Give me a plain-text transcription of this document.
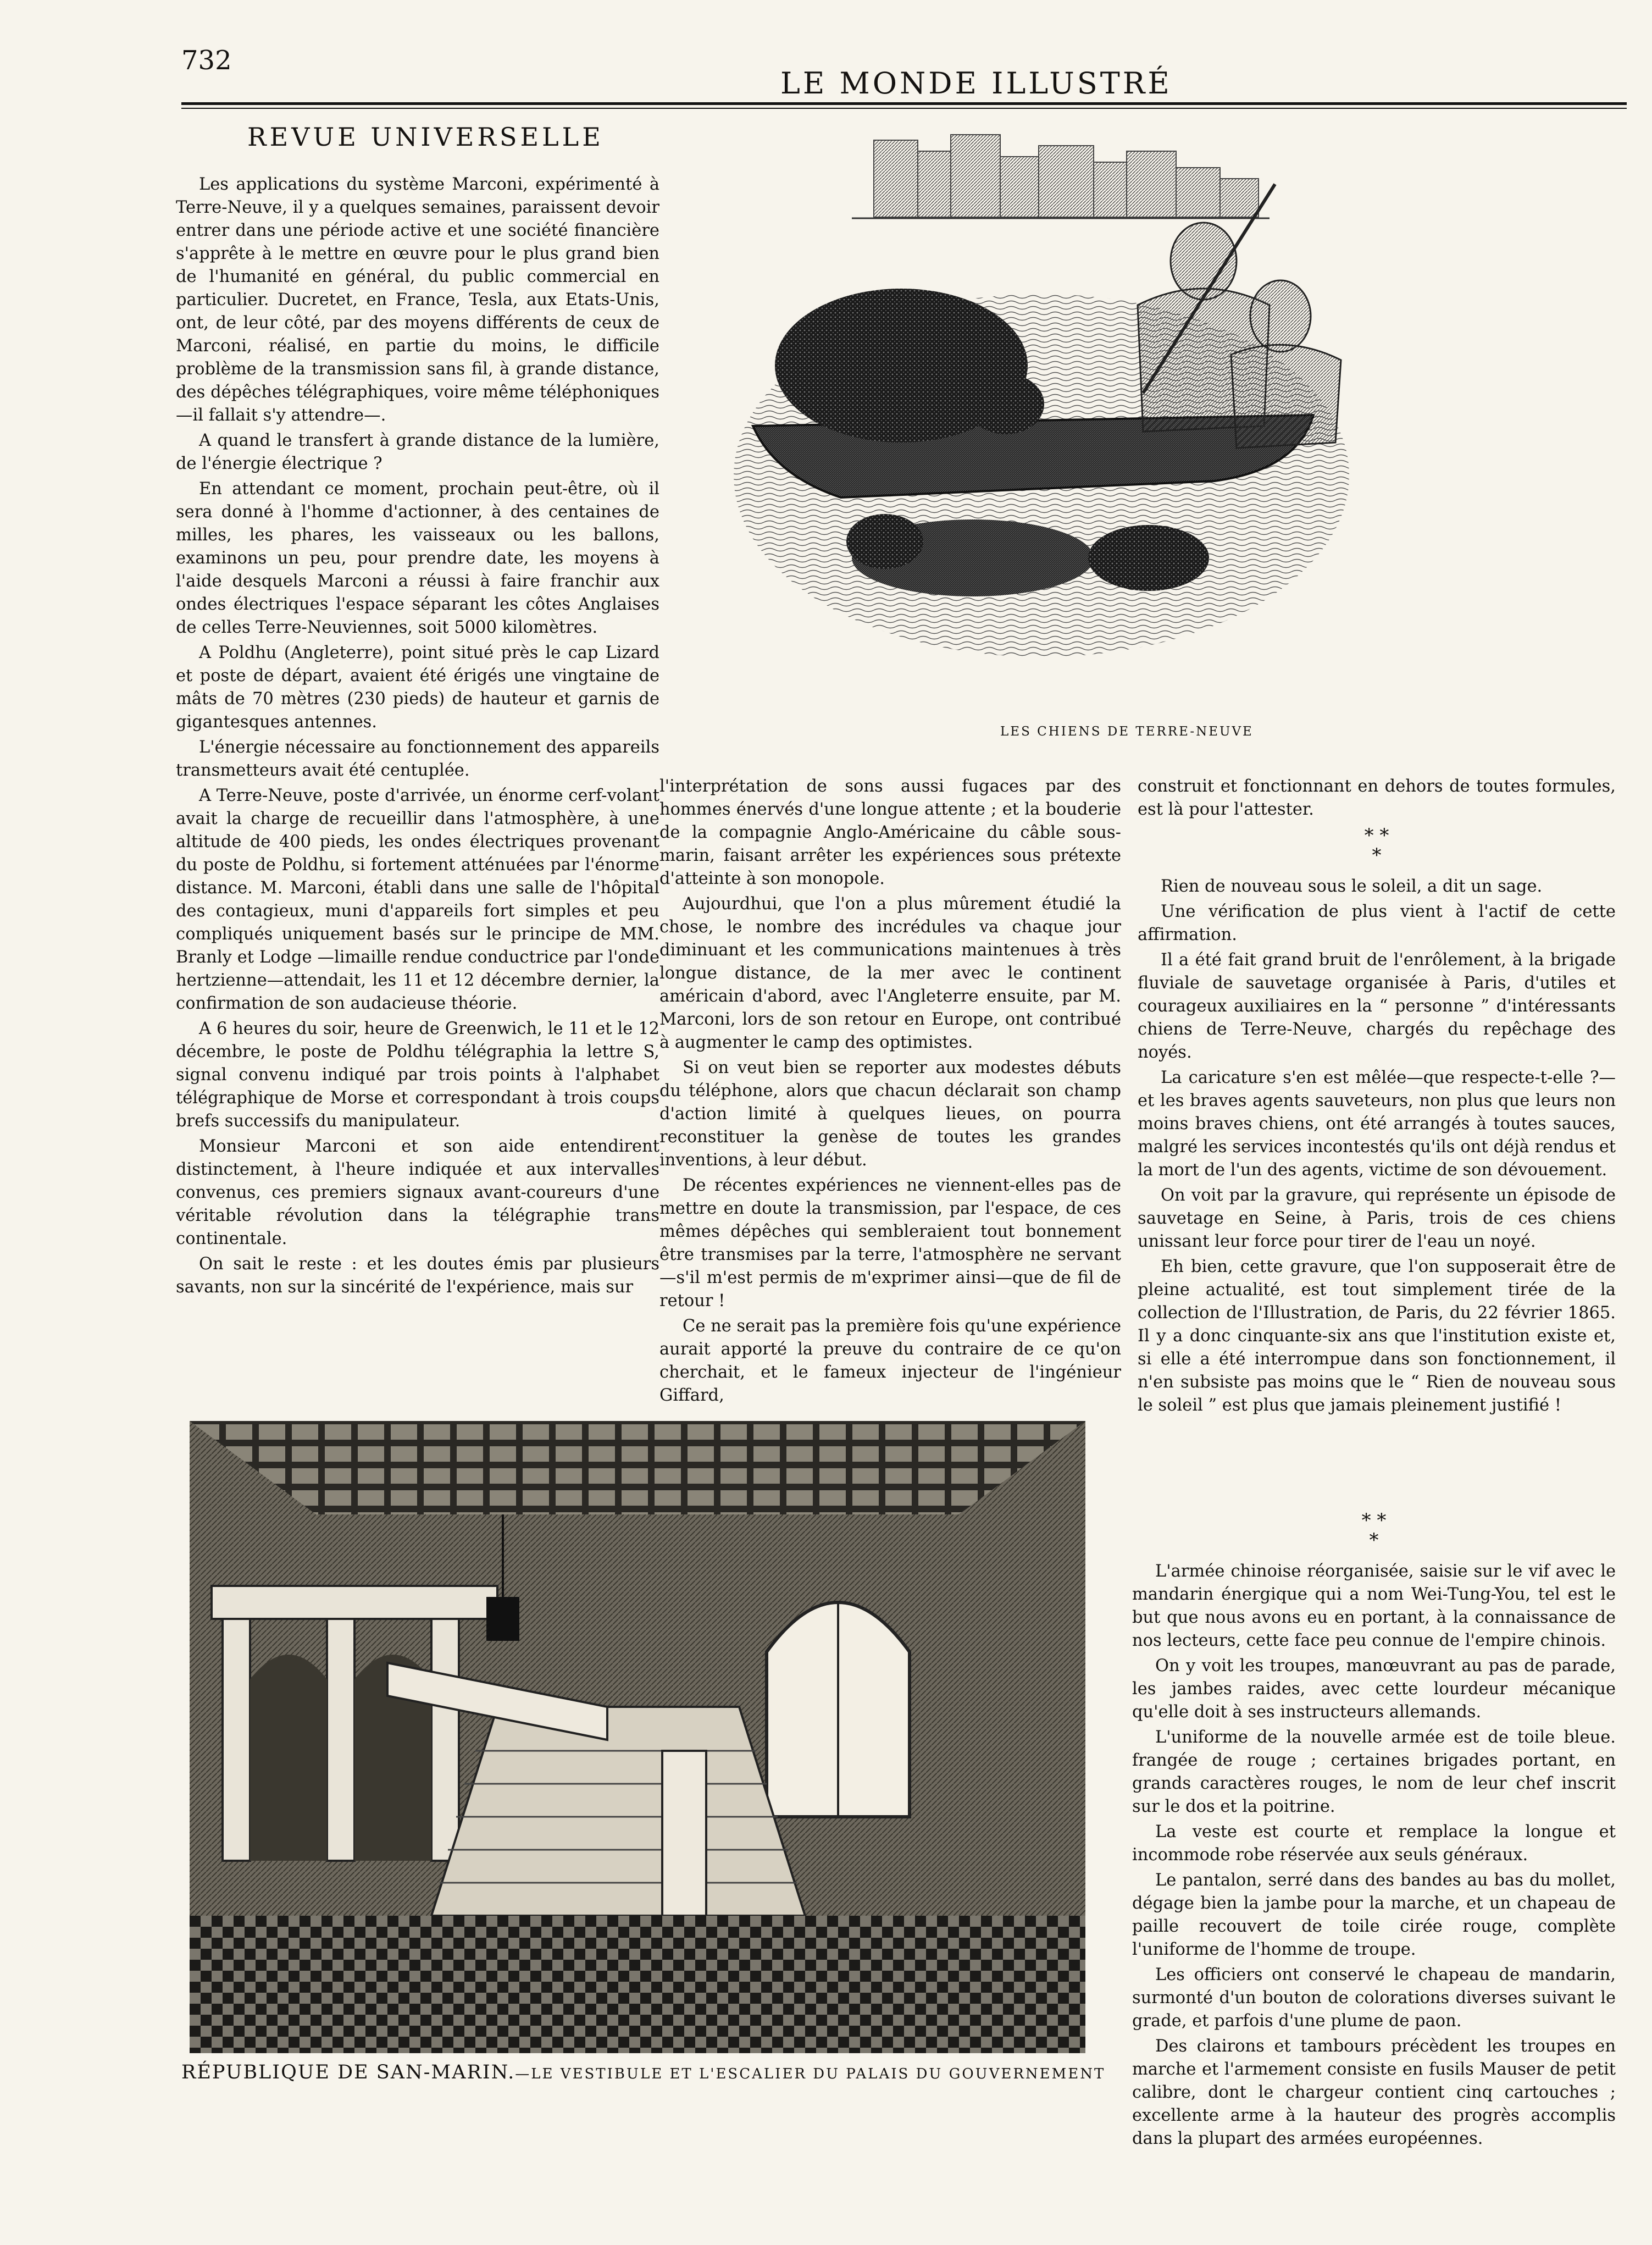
732
LE MONDE ILLUSTRÉ
REVUE UNIVERSELLE

Les applications du système Marconi, expérimenté à Terre-Neuve, il y a quelques semaines, paraissent devoir entrer dans une période active et une société financière s'apprête à le mettre en œuvre pour le plus grand bien de l'humanité en général, du public commercial en particulier. Ducretet, en France, Tesla, aux Etats-Unis, ont, de leur côté, par des moyens différents de ceux de Marconi, réalisé, en partie du moins, le difficile problème de la transmission sans fil, à grande distance, des dépêches télégraphiques, voire même téléphoniques—il fallait s'y attendre—.

A quand le transfert à grande distance de la lumière, de l'énergie électrique ?

En attendant ce moment, prochain peut-être, où il sera donné à l'homme d'actionner, à des centaines de milles, les phares, les vaisseaux ou les ballons, examinons un peu, pour prendre date, les moyens à l'aide desquels Marconi a réussi à faire franchir aux ondes électriques l'espace séparant les côtes Anglaises de celles Terre-Neuviennes, soit 5000 kilomètres.

A Poldhu (Angleterre), point situé près le cap Lizard et poste de départ, avaient été érigés une vingtaine de mâts de 70 mètres (230 pieds) de hauteur et garnis de gigantesques antennes.

L'énergie nécessaire au fonctionnement des appareils transmetteurs avait été centuplée.

A Terre-Neuve, poste d'arrivée, un énorme cerf-volant avait la charge de recueillir dans l'atmosphère, à une altitude de 400 pieds, les ondes électriques provenant du poste de Poldhu, si fortement atténuées par l'énorme distance. M. Marconi, établi dans une salle de l'hôpital des contagieux, muni d'appareils fort simples et peu compliqués uniquement basés sur le principe de MM. Branly et Lodge —limaille rendue conductrice par l'onde hertzienne—attendait, les 11 et 12 décembre dernier, la confirmation de son audacieuse théorie.

A 6 heures du soir, heure de Greenwich, le 11 et le 12 décembre, le poste de Poldhu télégraphia la lettre S, signal convenu indiqué par trois points à l'alphabet télégraphique de Morse et correspondant à trois coups brefs successifs du manipulateur.

Monsieur Marconi et son aide entendirent distinctement, à l'heure indiquée et aux intervalles convenus, ces premiers signaux avant-coureurs d'une véritable révolution dans la télégraphie trans continentale.

On sait le reste : et les doutes émis par plusieurs savants, non sur la sincérité de l'expérience, mais sur

LES CHIENS DE TERRE-NEUVE

l'interprétation de sons aussi fugaces par des hommes énervés d'une longue attente ; et la bouderie de la compagnie Anglo-Américaine du câble sous-marin, faisant arrêter les expériences sous prétexte d'atteinte à son monopole.

Aujourdhui, que l'on a plus mûrement étudié la chose, le nombre des incrédules va chaque jour diminuant et les communications maintenues à très longue distance, de la mer avec le continent américain d'abord, avec l'Angleterre ensuite, par M. Marconi, lors de son retour en Europe, ont contribué à augmenter le camp des optimistes.

Si on veut bien se reporter aux modestes débuts du téléphone, alors que chacun déclarait son champ d'action limité à quelques lieues, on pourra reconstituer la genèse de toutes les grandes inventions, à leur début.

De récentes expériences ne viennent-elles pas de mettre en doute la transmission, par l'espace, de ces mêmes dépêches qui sembleraient tout bonnement être transmises par la terre, l'atmosphère ne servant—s'il m'est permis de m'exprimer ainsi—que de fil de retour !

Ce ne serait pas la première fois qu'une expérience aurait apporté la preuve du contraire de ce qu'on cherchait, et le fameux injecteur de l'ingénieur Giffard,

construit et fonctionnant en dehors de toutes formules, est là pour l'attester.

* *
*

Rien de nouveau sous le soleil, a dit un sage.

Une vérification de plus vient à l'actif de cette affirmation.

Il a été fait grand bruit de l'enrôlement, à la brigade fluviale de sauvetage organisée à Paris, d'utiles et courageux auxiliaires en la “ personne ” d'intéressants chiens de Terre-Neuve, chargés du repêchage des noyés.

La caricature s'en est mêlée—que respecte-t-elle ?—et les braves agents sauveteurs, non plus que leurs non moins braves chiens, ont été arrangés à toutes sauces, malgré les services incontestés qu'ils ont déjà rendus et la mort de l'un des agents, victime de son dévouement.

On voit par la gravure, qui représente un épisode de sauvetage en Seine, à Paris, trois de ces chiens unissant leur force pour tirer de l'eau un noyé.

Eh bien, cette gravure, que l'on supposerait être de pleine actualité, est tout simplement tirée de la collection de l'Illustration, de Paris, du 22 février 1865. Il y a donc cinquante-six ans que l'institution existe et, si elle a été interrompue dans son fonctionnement, il n'en subsiste pas moins que le “ Rien de nouveau sous le soleil ” est plus que jamais pleinement justifié !

RÉPUBLIQUE DE SAN-MARIN.—LE VESTIBULE ET L'ESCALIER DU PALAIS DU GOUVERNEMENT
* *
*

L'armée chinoise réorganisée, saisie sur le vif avec le mandarin énergique qui a nom Wei-Tung-You, tel est le but que nous avons eu en portant, à la connaissance de nos lecteurs, cette face peu connue de l'empire chinois.

On y voit les troupes, manœuvrant au pas de parade, les jambes raides, avec cette lourdeur mécanique qu'elle doit à ses instructeurs allemands.

L'uniforme de la nouvelle armée est de toile bleue. frangée de rouge ; certaines brigades portant, en grands caractères rouges, le nom de leur chef inscrit sur le dos et la poitrine.

La veste est courte et remplace la longue et incommode robe réservée aux seuls généraux.

Le pantalon, serré dans des bandes au bas du mollet, dégage bien la jambe pour la marche, et un chapeau de paille recouvert de toile cirée rouge, complète l'uniforme de l'homme de troupe.

Les officiers ont conservé le chapeau de mandarin, surmonté d'un bouton de colorations diverses suivant le grade, et parfois d'une plume de paon.

Des clairons et tambours précèdent les troupes en marche et l'armement consiste en fusils Mauser de petit calibre, dont le chargeur contient cinq cartouches ; excellente arme à la hauteur des progrès accomplis dans la plupart des armées européennes.
